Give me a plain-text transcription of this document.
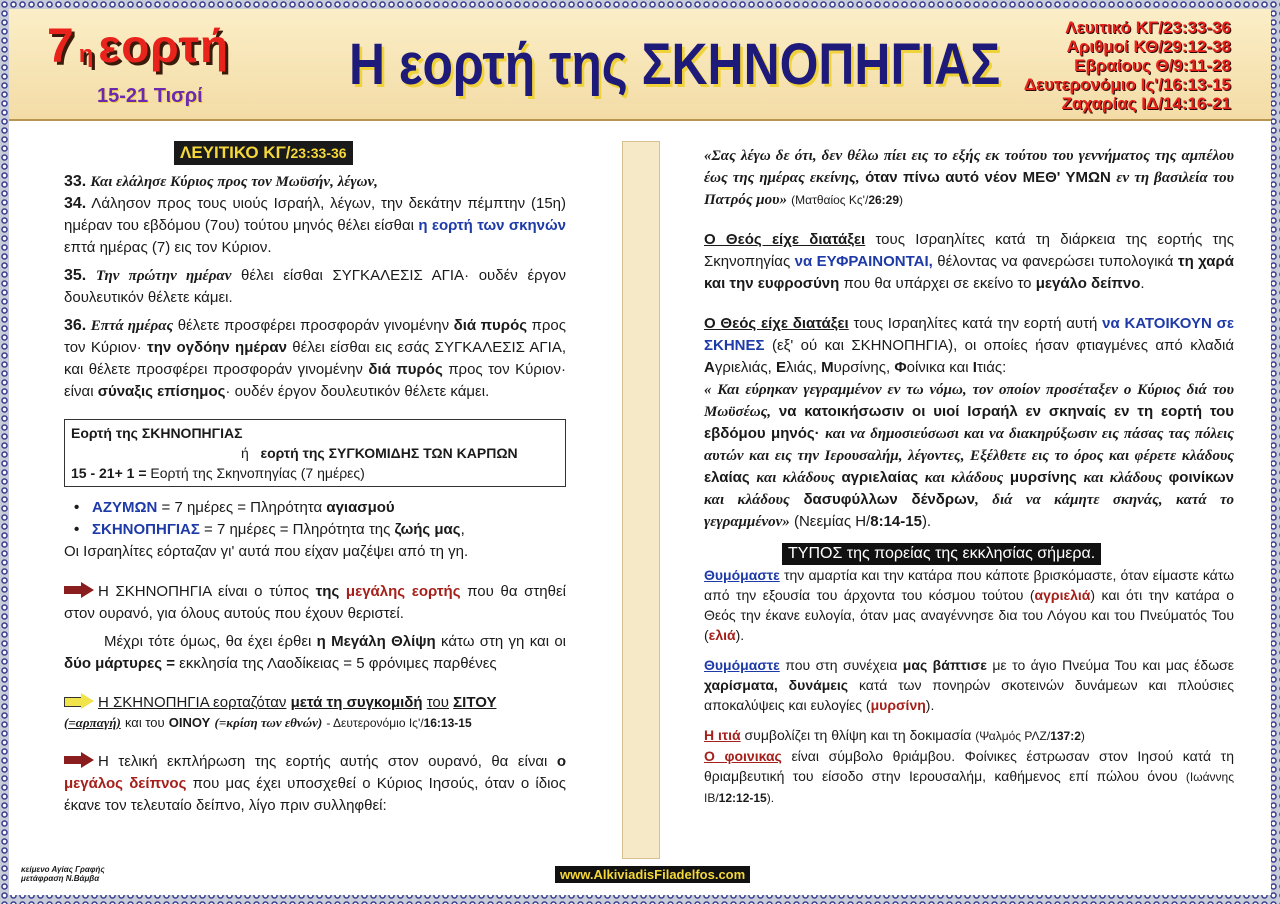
7 ηεορτή
15-21 Τισρί	Η εορτή της ΣΚΗΝΟΠΗΓΙΑΣ
Λευιτικό ΚΓ/23:33-36
Αριθμοί ΚΘ/29:12-38
Εβραίους Θ/9:11-28
Δευτερονόμιο Ις'/16:13-15
Ζαχαρίας ΙΔ/14:16-21
ΛΕΥΙΤΙΚΟ ΚΓ/23:33-36
33. Και ελάλησε Κύριος προς τον Μωϋσήν, λέγων,
34. Λάλησον προς τους υιούς Ισραήλ, λέγων, την δεκάτην πέμπτην (15η) ημέραν του εβδόμου (7ου) τούτου μηνός θέλει είσθαι η εορτή των σκηνών επτά ημέρας (7) εις τον Κύριον.
35. Την πρώτην ημέραν θέλει είσθαι ΣΥΓΚΑΛΕΣΙΣ ΑΓΙΑ· ουδέν έργον δουλευτικόν θέλετε κάμει.
36. Επτά ημέρας θέλετε προσφέρει προσφοράν γινομένην διά πυρός προς τον Κύριον· την ογδόην ημέραν θέλει είσθαι εις εσάς ΣΥΓΚΑΛΕΣΙΣ ΑΓΙΑ, και θέλετε προσφέρει προσφοράν γινομένην διά πυρός προς τον Κύριον· είναι σύναξις επίσημος· ουδέν έργον δουλευτικόν θέλετε κάμει.
Εορτή της ΣΚΗΝΟΠΗΓΙΑΣ
ή εορτή της ΣΥΓΚΟΜΙΔΗΣ ΤΩΝ ΚΑΡΠΩΝ
15 - 21+ 1 = Εορτή της Σκηνοπηγίας (7 ημέρες)
• ΑΖΥΜΩΝ = 7 ημέρες = Πληρότητα αγιασμού
• ΣΚΗΝΟΠΗΓΙΑΣ = 7 ημέρες = Πληρότητα της ζωής μας,
Οι Ισραηλίτες εόρταζαν γι' αυτά που είχαν μαζέψει από τη γη.
Η ΣΚΗΝΟΠΗΓΙΑ είναι ο τύπος της μεγάλης εορτής που θα στηθεί στον ουρανό, για όλους αυτούς που έχουν θεριστεί.
Μέχρι τότε όμως, θα έχει έρθει η Μεγάλη Θλίψη κάτω στη γη και οι δύο μάρτυρες = εκκλησία της Λαοδίκειας = 5 φρόνιμες παρθένες
Η ΣΚΗΝΟΠΗΓΙΑ εορταζόταν μετά τη συγκομιδή του ΣΙΤΟΥ
(=αρπαγή) και του ΟΙΝΟΥ (=κρίση των εθνών) - Δευτερονόμιο Ις'/16:13-15
Η τελική εκπλήρωση της εορτής αυτής στον ουρανό, θα είναι ο μεγάλος δείπνος που μας έχει υποσχεθεί ο Κύριος Ιησούς, όταν ο ίδιος έκανε τον τελευταίο δείπνο, λίγο πριν συλληφθεί:
«Σας λέγω δε ότι, δεν θέλω πίει εις το εξής εκ τούτου του γεννήματος της αμπέλου έως της ημέρας εκείνης, όταν πίνω αυτό νέον ΜΕΘ' ΥΜΩΝ εν τη βασιλεία του Πατρός μου» (Ματθαίος Κς'/26:29)
Ο Θεός είχε διατάξει τους Ισραηλίτες κατά τη διάρκεια της εορτής της Σκηνοπηγίας να ΕΥΦΡΑΙΝΟΝΤΑΙ, θέλοντας να φανερώσει τυπολογικά τη χαρά και την ευφροσύνη που θα υπάρχει σε εκείνο το μεγάλο δείπνο.
Ο Θεός είχε διατάξει τους Ισραηλίτες κατά την εορτή αυτή να ΚΑΤΟΙΚΟΥΝ σε ΣΚΗΝΕΣ (εξ' ού και ΣΚΗΝΟΠΗΓΙΑ), οι οποίες ήσαν φτιαγμένες από κλαδιά Αγριελιάς, Ελιάς, Μυρσίνης, Φοίνικα και Ιτιάς:
« Και εύρηκαν γεγραμμένον εν τω νόμω, τον οποίον προσέταξεν ο Κύριος διά του Μωϋσέως, να κατοικήσωσιν οι υιοί Ισραήλ εν σκηναίς εν τη εορτή του εβδόμου μηνός· και να δημοσιεύσωσι και να διακηρύξωσιν εις πάσας τας πόλεις αυτών και εις την Ιερουσαλήμ, λέγοντες, Εξέλθετε εις το όρος και φέρετε κλάδους ελαίας και κλάδους αγριελαίας και κλάδους μυρσίνης και κλάδους φοινίκων και κλάδους δασυφύλλων δένδρων, διά να κάμητε σκηνάς, κατά το γεγραμμένον» (Νεεμίας Η/8:14-15).
ΤΥΠΟΣ της πορείας της εκκλησίας σήμερα.
Θυμόμαστε την αμαρτία και την κατάρα που κάποτε βρισκόμαστε, όταν είμαστε κάτω από την εξουσία του άρχοντα του κόσμου τούτου (αγριελιά) και ότι την κατάρα ο Θεός την έκανε ευλογία, όταν μας αναγέννησε δια του Λόγου και του Πνεύματός Του (ελιά).
Θυμόμαστε που στη συνέχεια μας βάπτισε με το άγιο Πνεύμα Του και μας έδωσε χαρίσματα, δυνάμεις κατά των πονηρών σκοτεινών δυνάμεων και πλούσιες αποκαλύψεις και ευλογίες (μυρσίνη).
Η ιτιά συμβολίζει τη θλίψη και τη δοκιμασία (Ψαλμός ΡΛΖ/137:2)
Ο φοινικας είναι σύμβολο θριάμβου. Φοίνικες έστρωσαν στον Ιησού κατά τη θριαμβευτική του είσοδο στην Ιερουσαλήμ, καθήμενος επί πώλου όνου (Ιωάννης ΙΒ/12:12-15).
κείμενο Αγίας Γραφής
μετάφραση Ν.Βάμβα	www.AlkiviadisFiladelfos.com
